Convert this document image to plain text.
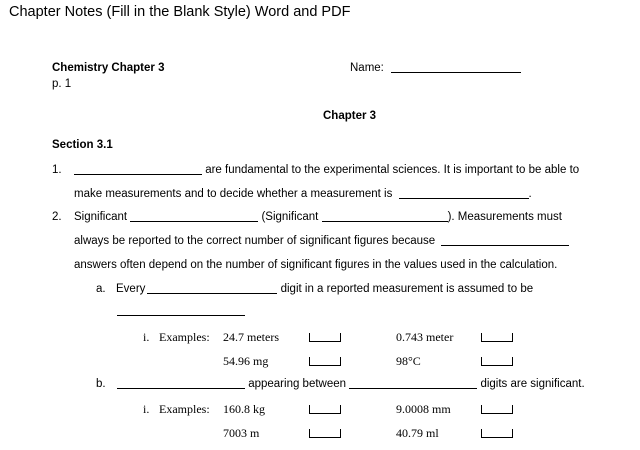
Chapter Notes (Fill in the Blank Style) Word and PDF
Chemistry Chapter 3
p. 1
Name:
Chapter 3
Section 3.1
1.	are fundamental to the experimental sciences. It is important to be able to
make measurements and to decide whether a measurement is	.
2. Significant	(Significant	). Measurements must
always be reported to the correct number of significant figures because
answers often depend on the number of significant figures in the values used in the calculation.
a. Every	digit in a reported measurement is assumed to be
i. Examples: 24.7 meters	0.743 meter
54.96 mg	98°C
b.	appearing between	digits are significant.
i. Examples: 160.8 kg	9.0008 mm
7003 m	40.79 ml
